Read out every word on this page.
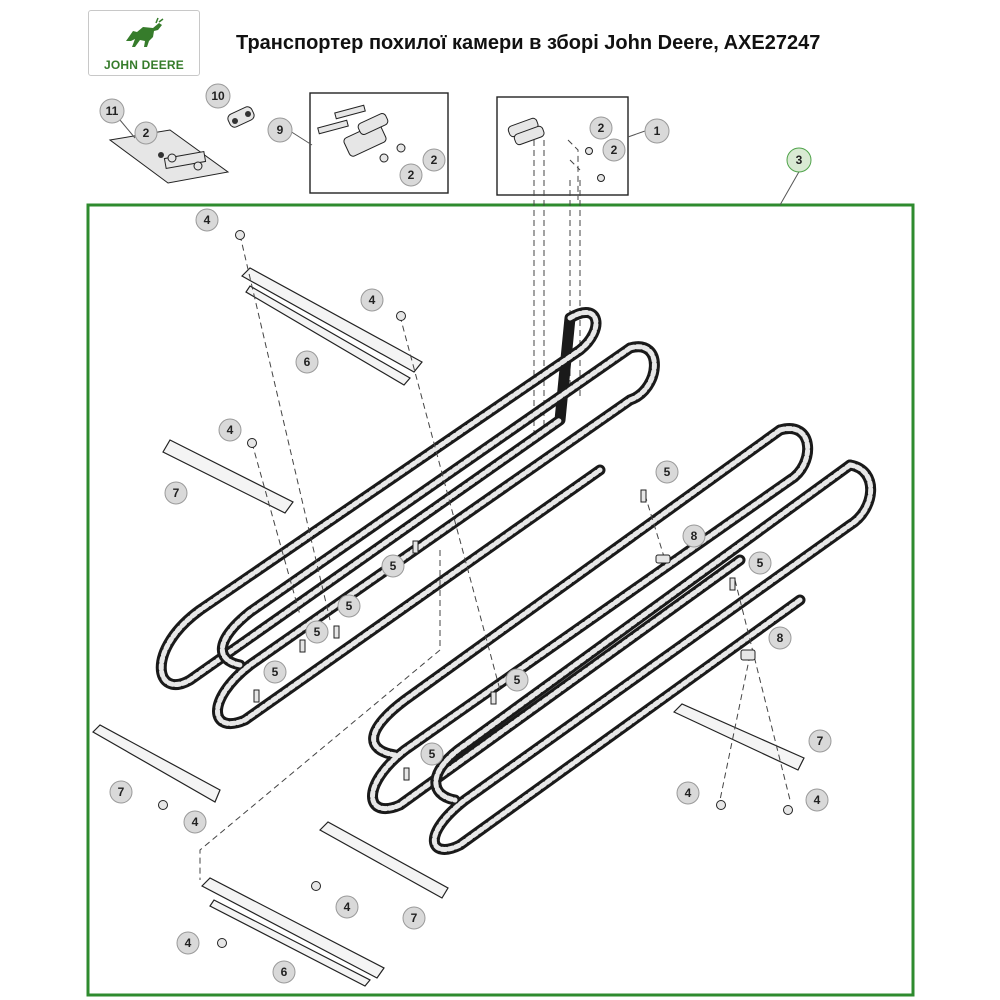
JOHN DEERE
Транспортер похилої камери в зборі John Deere, AXE27247
11
10
9	1
3
2
2
2
2
2
4
4
4
4
4
4
4	4
5
5
5
5
5
5
5
5
6
6
7
7
7
7
8
8
